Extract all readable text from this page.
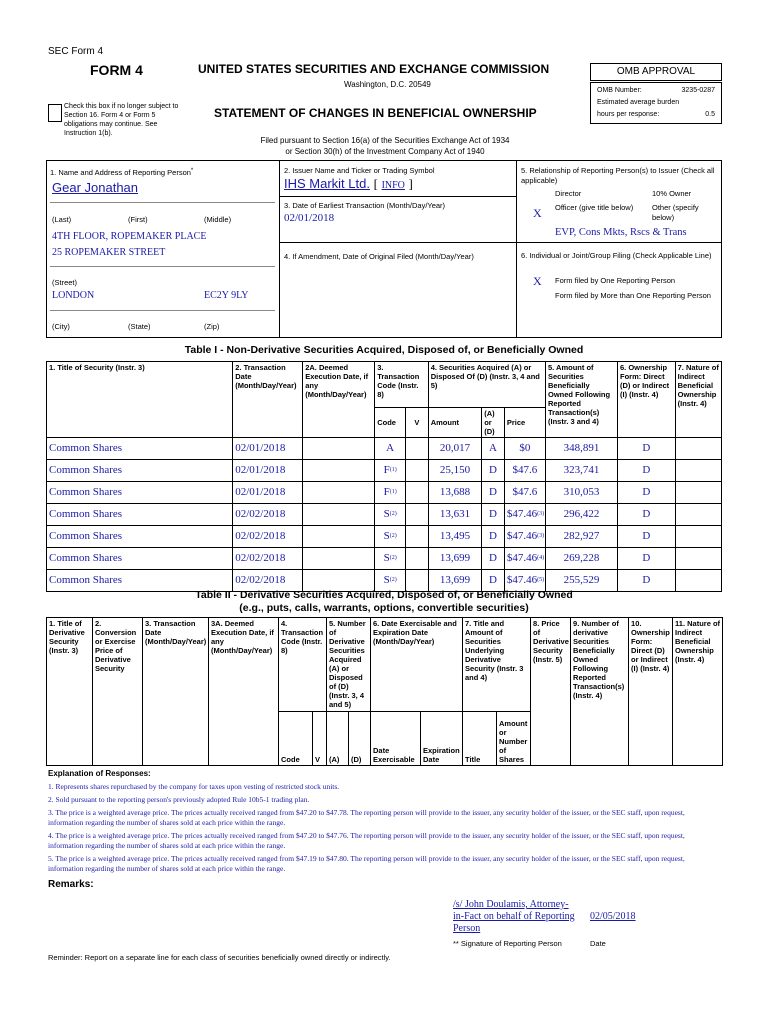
SEC Form 4
FORM 4	UNITED STATES SECURITIES AND EXCHANGE COMMISSION
Washington, D.C. 20549
OMB APPROVAL
OMB Number:	3235-0287
Estimated average burden
hours per response:	0.5
Check this box if no longer subject to Section 16. Form 4 or Form 5 obligations may continue. See Instruction 1(b).
STATEMENT OF CHANGES IN BENEFICIAL OWNERSHIP
Filed pursuant to Section 16(a) of the Securities Exchange Act of 1934
or Section 30(h) of the Investment Company Act of 1940
1. Name and Address of Reporting Person*
Gear Jonathan
(Last)	(First)	(Middle)
4TH FLOOR, ROPEMAKER PLACE
25 ROPEMAKER STREET
(Street)
LONDON	EC2Y 9LY
(City)	(State)	(Zip)
2. Issuer Name and Ticker or Trading Symbol
IHS Markit Ltd. [ INFO ]
3. Date of Earliest Transaction (Month/Day/Year)
02/01/2018
4. If Amendment, Date of Original Filed (Month/Day/Year)
5. Relationship of Reporting Person(s) to Issuer (Check all applicable)
Director	10% Owner
X Officer (give title below)	Other (specify below)
EVP, Cons Mkts, Rscs & Trans
6. Individual or Joint/Group Filing (Check Applicable Line)
X Form filed by One Reporting Person
Form filed by More than One Reporting Person
Table I - Non-Derivative Securities Acquired, Disposed of, or Beneficially Owned
1. Title of Security (Instr. 3)	2. Transaction Date (Month/Day/Year)	2A. Deemed Execution Date, if any (Month/Day/Year)	3. Transaction Code (Instr. 8)		4. Securities Acquired (A) or Disposed Of (D) (Instr. 3, 4 and 5)			5. Amount of Securities Beneficially Owned Following Reported Transaction(s) (Instr. 3 and 4)	6. Ownership Form: Direct (D) or Indirect (I) (Instr. 4)	7. Nature of Indirect Beneficial Ownership (Instr. 4)
			Code	V	Amount	(A) or (D)	Price			
Common Shares	02/01/2018		A		20,017	A	$0	348,891	D	
Common Shares	02/01/2018		$F^{(1)}$		25,150	D	$47.6	323,741	D	
Common Shares	02/01/2018		$F^{(1)}$		13,688	D	$47.6	310,053	D	
Common Shares	02/02/2018		$S^{(2)}$		13,631	D	$47.46$^{(3)}$	296,422	D	
Common Shares	02/02/2018		$S^{(2)}$		13,495	D	$47.46$^{(3)}$	282,927	D	
Common Shares	02/02/2018		$S^{(2)}$		13,699	D	$47.46$^{(4)}$	269,228	D	
Common Shares	02/02/2018		$S^{(2)}$		13,699	D	$47.46$^{(5)}$	255,529	D	
Table II - Derivative Securities Acquired, Disposed of, or Beneficially Owned
(e.g., puts, calls, warrants, options, convertible securities)
1. Title of Derivative Security (Instr. 3)	2. Conversion or Exercise Price of Derivative Security	3. Transaction Date (Month/Day/Year)	3A. Deemed Execution Date, if any (Month/Day/Year)	4. Transaction Code (Instr. 8)		5. Number of Derivative Securities Acquired (A) or Disposed of (D) (Instr. 3, 4 and 5)		6. Date Exercisable and Expiration Date (Month/Day/Year)		7. Title and Amount of Securities Underlying Derivative Security (Instr. 3 and 4)		8. Price of Derivative Security (Instr. 5)	9. Number of derivative Securities Beneficially Owned Following Reported Transaction(s) (Instr. 4)	10. Ownership Form: Direct (D) or Indirect (I) (Instr. 4)	11. Nature of Indirect Beneficial Ownership (Instr. 4)
				Code	V	(A)	(D)	Date Exercisable	Expiration Date	Title	Amount or Number of Shares				
Explanation of Responses:
1. Represents shares repurchased by the company for taxes upon vesting of restricted stock units.
2. Sold pursuant to the reporting person's previously adopted Rule 10b5-1 trading plan.
3. The price is a weighted average price. The prices actually received ranged from $47.20 to $47.78. The reporting person will provide to the issuer, any security holder of the issuer, or the SEC staff, upon request, information regarding the number of shares sold at each price within the range.
4. The price is a weighted average price. The prices actually received ranged from $47.20 to $47.76. The reporting person will provide to the issuer, any security holder of the issuer, or the SEC staff, upon request, information regarding the number of shares sold at each price within the range.
5. The price is a weighted average price. The prices actually received ranged from $47.19 to $47.80. The reporting person will provide to the issuer, any security holder of the issuer, or the SEC staff, upon request, information regarding the number of shares sold at each price within the range.
Remarks:
/s/ John Doulamis, Attorney-
in-Fact on behalf of Reporting
Person
02/05/2018
** Signature of Reporting Person	Date
Reminder: Report on a separate line for each class of securities beneficially owned directly or indirectly.
